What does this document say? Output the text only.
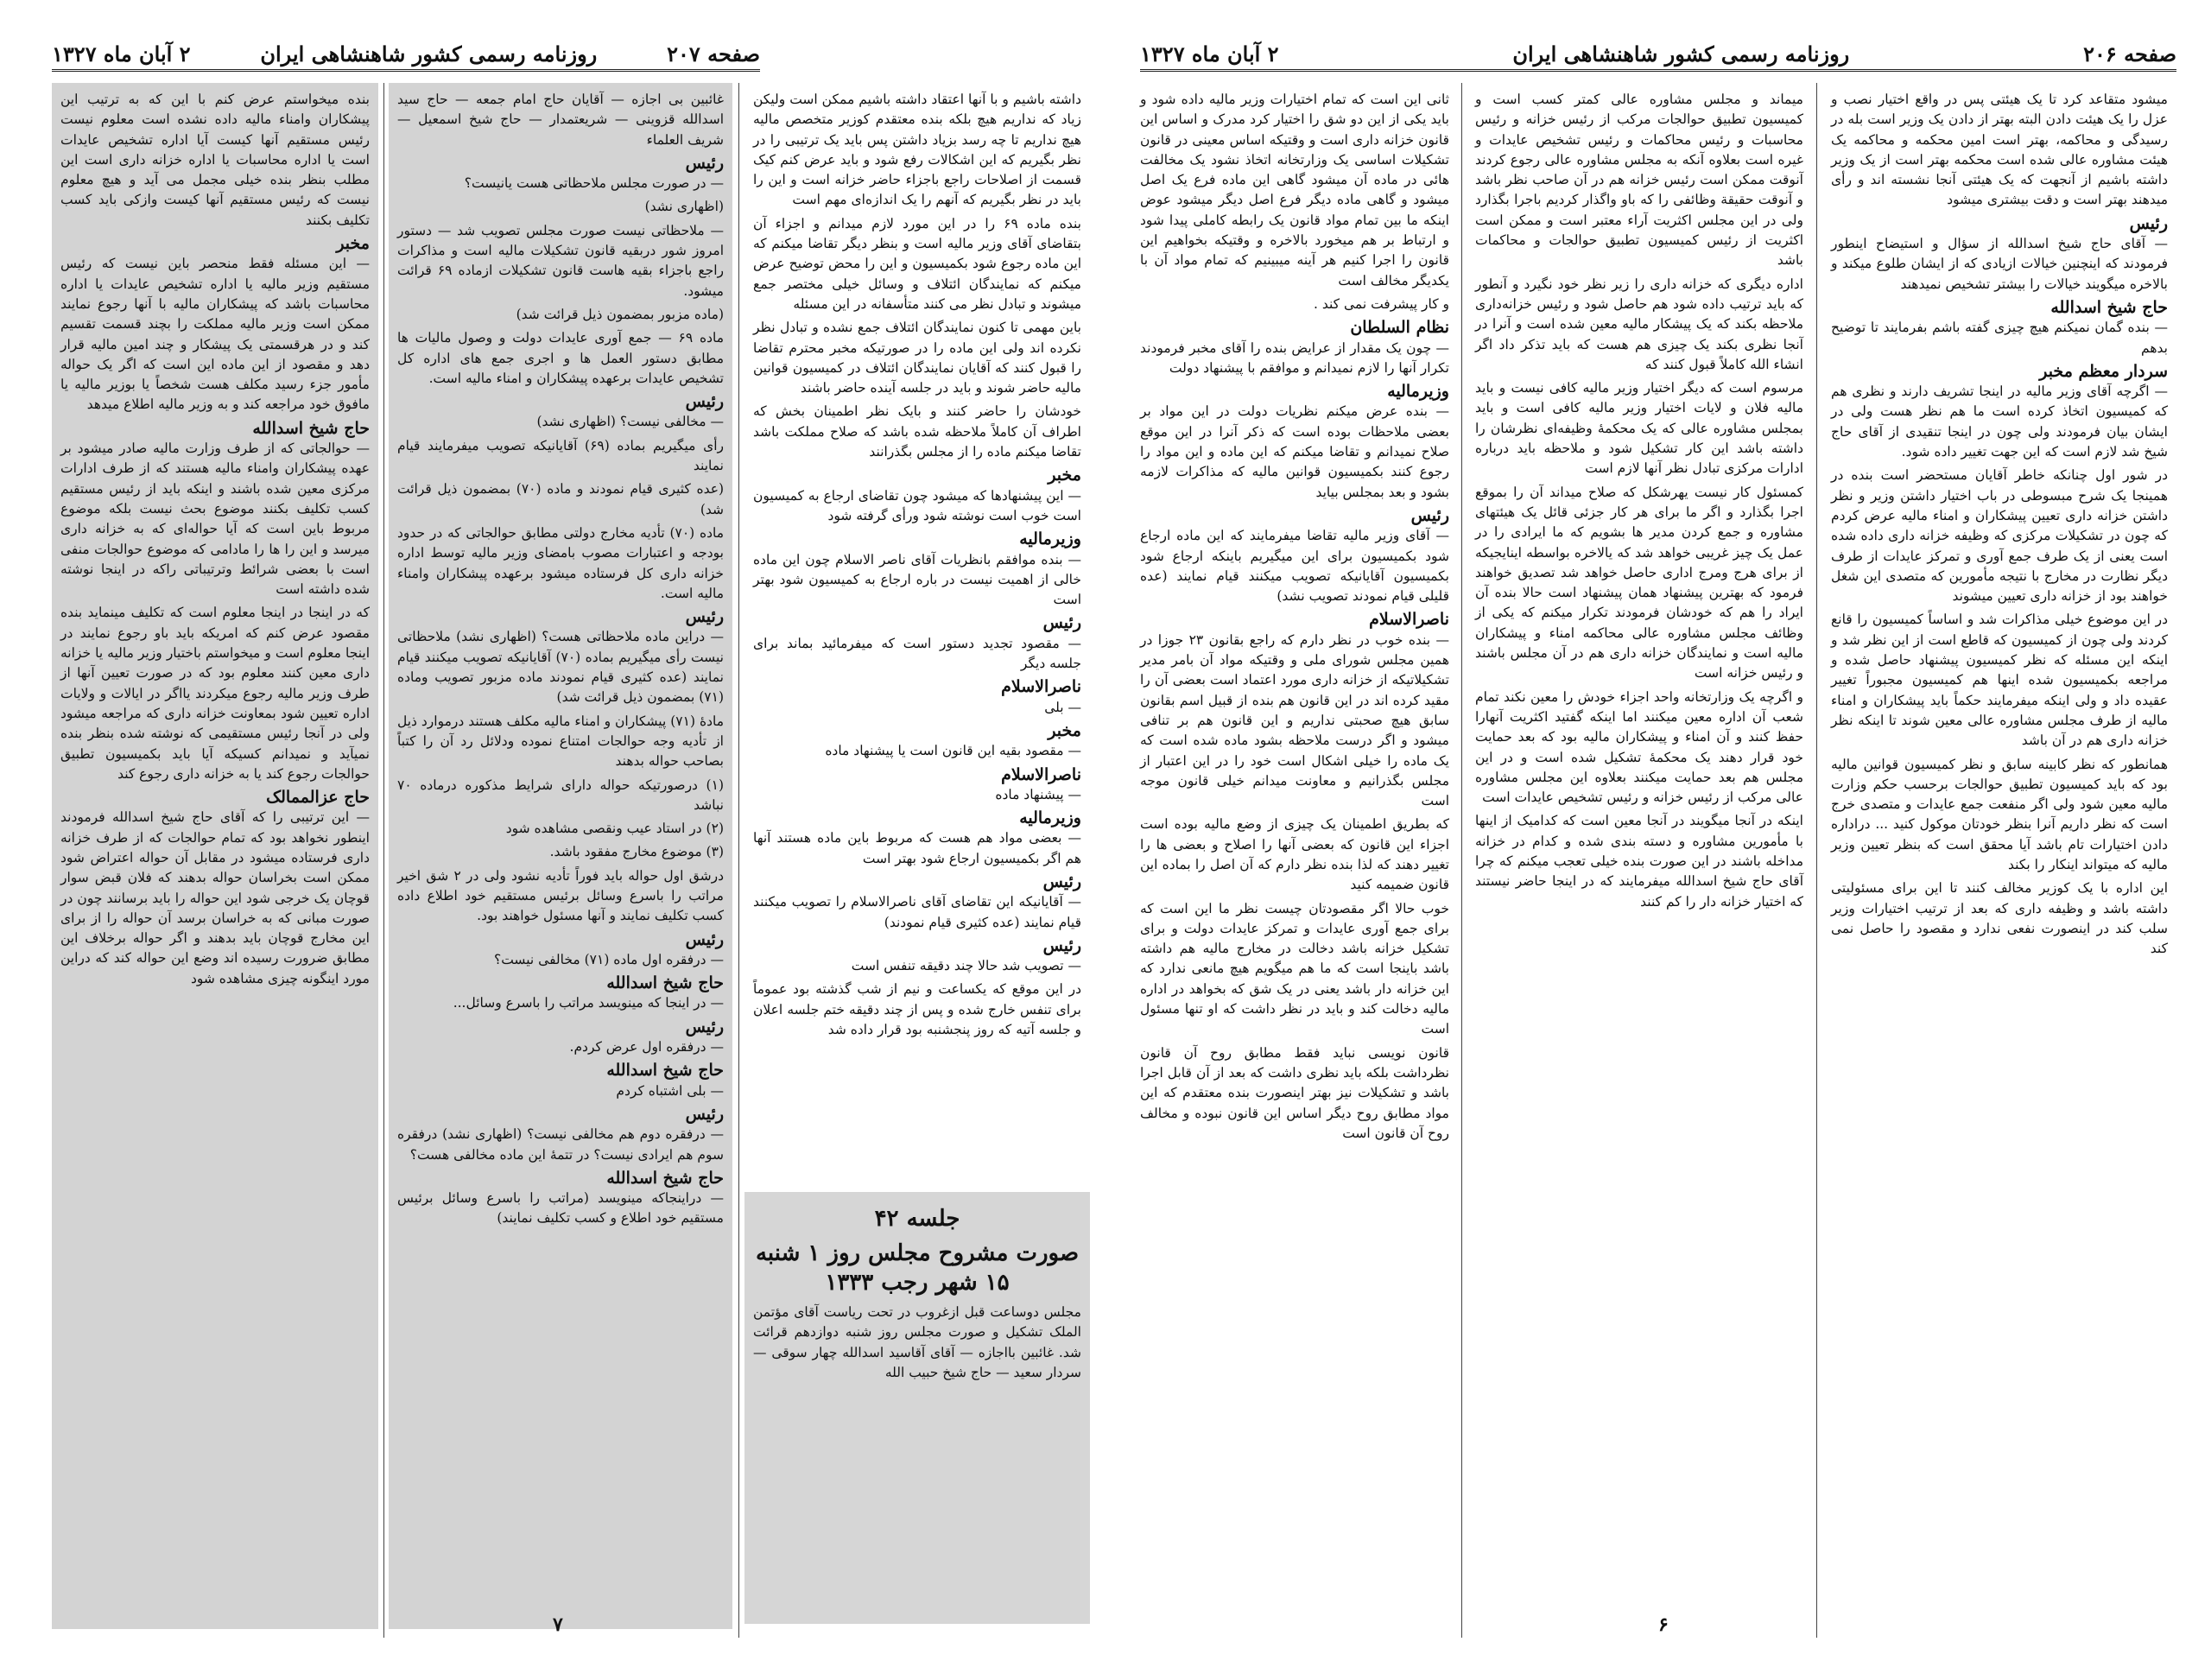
صفحه ۲۰۷
روزنامه رسمی کشور شاهنشاهی ایران
۲ آبان ماه ۱۳۲۷

داشته باشیم و با آنها اعتقاد داشته باشیم ممکن است ولیکن زیاد که نداریم هیچ بلکه بنده معتقدم کوزیر متخصص مالیه هیچ نداریم تا چه رسد بزیاد داشتن پس باید یک ترتیبی را در نظر بگیریم که این اشکالات رفع شود و باید عرض کنم کیک قسمت از اصلاحات راجع باجزاء حاضر خزانه است و این را باید در نظر بگیریم که آنهم را یک اندازه‌ای مهم است

بنده ماده ۶۹ را در این مورد لازم میدانم و اجزاء آن بتقاضای آقای وزیر مالیه است و بنظر دیگر تقاضا میکنم که این ماده رجوع شود بکمیسیون و این را محض توضیح عرض میکنم که نمایندگان ائتلاف و وسائل خیلی مختصر جمع میشوند و تبادل نظر می کنند متأسفانه در این مسئله

باین مهمی تا کنون نمایندگان ائتلاف جمع نشده و تبادل نظر نکرده اند ولی این ماده را در صورتیکه مخبر محترم تقاضا را قبول کنند که آقایان نمایندگان ائتلاف در کمیسیون قوانین مالیه حاضر شوند و باید در جلسه آینده حاضر باشند

خودشان را حاضر کنند و بایک نظر اطمینان بخش که اطراف آن کاملاً ملاحظه شده باشد که صلاح مملکت باشد تقاضا میکنم ماده را از مجلس بگذرانند

مخبر

— این پیشنهادها که میشود چون تقاضای ارجاع به کمیسیون است خوب است نوشته شود ورأی گرفته شود

وزیرمالیه

— بنده موافقم بانظریات آقای ناصر الاسلام چون این ماده خالی از اهمیت نیست در باره ارجاع به کمیسیون شود بهتر است

رئیس

— مقصود تجدید دستور است که میفرمائید بماند برای جلسه دیگر

ناصرالاسلام

— بلی

مخبر

— مقصود بقیه این قانون است یا پیشنهاد ماده

ناصرالاسلام

— پیشنهاد ماده

وزیرمالیه

— بعضی مواد هم هست که مربوط باین ماده هستند آنها هم اگر بکمیسیون ارجاع شود بهتر است

رئیس

— آقایانیکه این تقاضای آقای ناصرالاسلام را تصویب میکنند قیام نمایند (عده کثیری قیام نمودند)

رئیس

— تصویب شد حالا چند دقیقه تنفس است

در این موقع که یکساعت و نیم از شب گذشته بود عموماً برای تنفس خارج شده و پس از چند دقیقه ختم جلسه اعلان و جلسه آتیه که روز پنجشنبه بود قرار داده شد

جلسه ۴۲
صورت مشروح مجلس روز ۱ شنبه ۱۵ شهر رجب ۱۳۳۳

مجلس دوساعت قبل ازغروب در تحت ریاست آقای مؤتمن الملک تشکیل و صورت مجلس روز شنبه دوازدهم قرائت شد. غائبین بااجازه — آقای آقاسید اسدالله چهار سوقی — سردار سعید — حاج شیخ حبیب الله

غائبین بی اجازه — آقایان حاج امام جمعه — حاج سید اسدالله قزوینی — شریعتمدار — حاج شیخ اسمعیل — شریف العلماء

رئیس

— در صورت مجلس ملاحظاتی هست یانیست؟

(اظهاری نشد)

— ملاحظاتی نیست صورت مجلس تصویب شد — دستور امروز شور دربقیه قانون تشکیلات مالیه است و مذاکرات راجع باجزاء بقیه هاست قانون تشکیلات ازماده ۶۹ قرائت میشود.

(ماده مزبور بمضمون ذیل قرائت شد)

ماده ۶۹ — جمع آوری عایدات دولت و وصول مالیات ها مطابق دستور العمل ها و اجری جمع های اداره کل تشخیص عایدات برعهده پیشکاران و امناء مالیه است.

رئیس

— مخالفی نیست؟ (اظهاری نشد)

رأی میگیریم بماده (۶۹) آقایانیکه تصویب میفرمایند قیام نمایند

(عده کثیری قیام نمودند و ماده (۷۰) بمضمون ذیل قرائت شد)

ماده (۷۰) تأدیه مخارج دولتی مطابق حوالجاتی که در حدود بودجه و اعتبارات مصوب بامضای وزیر مالیه توسط اداره خزانه داری کل فرستاده میشود برعهده پیشکاران وامناء مالیه است.

رئیس

— دراین ماده ملاحظاتی هست؟ (اظهاری نشد) ملاحظاتی نیست رأی میگیریم بماده (۷۰) آقایانیکه تصویب میکنند قیام نمایند (عده کثیری قیام نمودند ماده مزبور تصویب وماده (۷۱) بمضمون ذیل قرائت شد)

مادهٔ (۷۱) پیشکاران و امناء مالیه مکلف هستند درموارد ذیل از تأدیه وجه حوالجات امتناع نموده ودلائل رد آن را کتباً بصاحب حواله بدهند

(۱) درصورتیکه حواله دارای شرایط مذکوره درماده ۷۰ نباشد

(۲) در استاد عیب ونقصی مشاهده شود

(۳) موضوع مخارج مفقود باشد.

درشق اول حواله باید فوراً تأدیه نشود ولی در ۲ شق اخیر مراتب را باسرع وسائل برئیس مستقیم خود اطلاع داده کسب تکلیف نمایند و آنها مسئول خواهند بود.

رئیس

— درفقره اول ماده (۷۱) مخالفی نیست؟

حاج شیخ اسدالله

— در اینجا که مینویسد مراتب را باسرع وسائل...

رئیس

— درفقره اول عرض کردم.

حاج شیخ اسدالله

— بلی اشتباه کردم

رئیس

— درفقره دوم هم مخالفی نیست؟ (اظهاری نشد) درفقره سوم هم ایرادی نیست؟ در تتمهٔ این ماده مخالفی هست؟

حاج شیخ اسدالله

— دراینجاکه مینویسد (مراتب را باسرع وسائل برئیس مستقیم خود اطلاع و کسب تکلیف نمایند)

بنده میخواستم عرض کنم با این که به ترتیب این پیشکاران وامناء مالیه داده نشده است معلوم نیست رئیس مستقیم آنها کیست آیا اداره تشخیص عایدات است یا اداره محاسبات یا اداره خزانه داری است این مطلب بنظر بنده خیلی مجمل می آید و هیچ معلوم نیست که رئیس مستقیم آنها کیست وازکی باید کسب تکلیف بکنند

مخبر

— این مسئله فقط منحصر باین نیست که رئیس مستقیم وزیر مالیه یا اداره تشخیص عایدات یا اداره محاسبات باشد که پیشکاران مالیه با آنها رجوع نمایند ممکن است وزیر مالیه مملکت را بچند قسمت تقسیم کند و در هرقسمتی یک پیشکار و چند امین مالیه قرار دهد و مقصود از این ماده این است که اگر یک حواله مأمور جزء رسید مکلف هست شخصاً یا بوزیر مالیه یا مافوق خود مراجعه کند و به وزیر مالیه اطلاع میدهد

حاج شیخ اسدالله

— حوالجاتی که از طرف وزارت مالیه صادر میشود بر عهده پیشکاران وامناء مالیه هستند که از طرف ادارات مرکزی معین شده باشند و اینکه باید از رئیس مستقیم کسب تکلیف بکنند موضوع بحث نیست بلکه موضوع مربوط باین است که آیا حواله‌ای که به خزانه داری میرسد و این را ها را مادامی که موضوع حوالجات منفی است با بعضی شرائط وترتیباتی راکه در اینجا نوشته شده داشته است

که در اینجا در اینجا معلوم است که تکلیف مینماید بنده مقصود عرض کنم که امریکه باید باو رجوع نمایند در اینجا معلوم است و میخواستم باختیار وزیر مالیه یا خزانه داری معین کنند معلوم بود که در صورت تعیین آنها از طرف وزیر مالیه رجوع میکردند یااگر در ایالات و ولایات اداره تعیین شود بمعاونت خزانه داری که مراجعه میشود ولی در آنجا رئیس مستقیمی که نوشته شده بنظر بنده نمیآید و نمیدانم کسیکه آیا باید بکمیسیون تطبیق حوالجات رجوع کند یا به خزانه داری رجوع کند

حاج عزالممالک

— این ترتیبی را که آقای حاج شیخ اسدالله فرمودند اینطور نخواهد بود که تمام حوالجات که از طرف خزانه داری فرستاده میشود در مقابل آن حواله اعتراض شود ممکن است بخراسان حواله بدهند که فلان قبض سوار قوچان یک خرجی شود این حواله را باید برسانند چون در صورت مبانی که به خراسان برسد آن حواله را از برای این مخارج قوچان باید بدهند و اگر حواله برخلاف این مطابق ضرورت رسیده اند وضع این حواله کند که دراین مورد اینگونه چیزی مشاهده شود

۷
صفحه ۲۰۶
روزنامه رسمی کشور شاهنشاهی ایران
۲ آبان ماه ۱۳۲۷

میشود متقاعد کرد تا یک هیئتی پس در واقع اختیار نصب و عزل را یک هیئت دادن البته بهتر از دادن یک وزیر است بله در رسیدگی و محاکمه، بهتر است امین محکمه و محاکمه یک هیئت مشاوره عالی شده است محکمه بهتر است از یک وزیر داشته باشیم از آنجهت که یک هیئتی آنجا نشسته اند و رأی میدهند بهتر است و دقت بیشتری میشود

رئیس

— آقای حاج شیخ اسدالله از سؤال و استیضاح اینطور فرمودند که اینچنین خیالات ازیادی که از ایشان طلوع میکند و بالاخره میگویند خیالات را بیشتر تشخیص نمیدهند

حاج شیخ اسدالله

— بنده گمان نمیکنم هیچ چیزی گفته باشم بفرمایند تا توضیح بدهم

سردار معظم مخبر

— اگرچه آقای وزیر مالیه در اینجا تشریف دارند و نظری هم که کمیسیون اتخاذ کرده است ما هم نظر هست ولی در ایشان بیان فرمودند ولی چون در اینجا تنقیدی از آقای حاج شیخ شد لازم است که این جهت تغییر داده شود.

در شور اول چنانکه خاطر آقایان مستحضر است بنده در همینجا یک شرح مبسوطی در باب اختیار داشتن وزیر و نظر داشتن خزانه داری تعیین پیشکاران و امناء مالیه عرض کردم که چون در تشکیلات مرکزی که وظیفه خزانه داری داده شده است یعنی از یک طرف جمع آوری و تمرکز عایدات از طرف دیگر نظارت در مخارج با نتیجه مأمورین که متصدی این شغل خواهند بود از خزانه داری تعیین میشوند

در این موضوع خیلی مذاکرات شد و اساساً کمیسیون را قانع کردند ولی چون از کمیسیون که قاطع است از این نظر شد و اینکه این مسئله که نظر کمیسیون پیشنهاد حاصل شده و مراجعه بکمیسیون شده اینها هم کمیسیون مجبوراً تغییر عقیده داد و ولی اینکه میفرمایند حکماً باید پیشکاران و امناء مالیه از طرف مجلس مشاوره عالی معین شوند تا اینکه نظر خزانه داری هم در آن باشد

همانطور که نظر کابینه سابق و نظر کمیسیون قوانین مالیه بود که باید کمیسیون تطبیق حوالجات برحسب حکم وزارت مالیه معین شود ولی اگر منفعت جمع عایدات و متصدی خرج است که نظر داریم آنرا بنظر خودتان موکول کنید ... دراداره دادن اختیارات تام باشد آیا محقق است که بنظر تعیین وزیر مالیه که میتواند اینکار را بکند

این اداره با یک کوزیر مخالف کنند تا این برای مسئولیتی داشته باشد و وظیفه داری که بعد از ترتیب اختیارات وزیر سلب کند در اینصورت نفعی ندارد و مقصود را حاصل نمی کند

میماند و مجلس مشاوره عالی کمتر کسب است و کمیسیون تطبیق حوالجات مرکب از رئیس خزانه و رئیس محاسبات و رئیس محاکمات و رئیس تشخیص عایدات و غیره است بعلاوه آنکه به مجلس مشاوره عالی رجوع کردند آنوقت ممکن است رئیس خزانه هم در آن صاحب نظر باشد و آنوقت حقیقة وظائفی را که باو واگذار کردیم باجرا بگذارد ولی در این مجلس اکثریت آراء معتبر است و ممکن است اکثریت از رئیس کمیسیون تطبیق حوالجات و محاکمات باشد

اداره دیگری که خزانه داری را زیر نظر خود نگیرد و آنطور که باید ترتیب داده شود هم حاصل شود و رئیس خزانه‌داری ملاحظه بکند که یک پیشکار مالیه معین شده است و آنرا در آنجا نظری بکند یک چیزی هم هست که باید تذکر داد اگر انشاء الله کاملاً قبول کنند که

مرسوم است که دیگر اختیار وزیر مالیه کافی نیست و باید مالیه فلان و لایات اختیار وزیر مالیه کافی است و باید بمجلس مشاوره عالی که یک محکمهٔ وظیفه‌ای نظرشان را داشته باشد این کار تشکیل شود و ملاحظه باید درباره ادارات مرکزی تبادل نظر آنها لازم است

کمسئول کار نیست یهرشکل که صلاح میداند آن را بموقع اجرا بگذارد و اگر ما برای هر کار جزئی قائل یک هیئتهای مشاوره و جمع کردن مدیر ها بشویم که ما ایرادی را در عمل یک چیز غریبی خواهد شد که یالاخره بواسطه اینایجیکه از برای هرج ومرج اداری حاصل خواهد شد تصدیق خواهند فرمود که بهترین پیشنهاد همان پیشنهاد است حالا بنده آن ایراد را هم که خودشان فرمودند تکرار میکنم که یکی از وظائف مجلس مشاوره عالی محاکمه امناء و پیشکاران مالیه است و نمایندگان خزانه داری هم در آن مجلس باشند و رئیس خزانه است

و اگرچه یک وزارتخانه واحد اجزاء خودش را معین نکند تمام شعب آن اداره معین میکنند اما اینکه گفتید اکثریت آنهارا حفظ کنند و آن امناء و پیشکاران مالیه بود که بعد حمایت خود قرار دهند یک محکمهٔ تشکیل شده است و در این مجلس هم بعد حمایت میکنند بعلاوه این مجلس مشاوره عالی مرکب از رئیس خزانه و رئیس تشخیص عایدات است

اینکه در آنجا میگویند در آنجا معین است که کدامیک از اینها با مأمورین مشاوره و دسته بندی شده و کدام در خزانه مداخله باشند در این صورت بنده خیلی تعجب میکنم که چرا آقای حاج شیخ اسدالله میفرمایند که در اینجا حاضر نیستند که اختیار خزانه دار را کم کنند

ثانی این است که تمام اختیارات وزیر مالیه داده شود و باید یکی از این دو شق را اختیار کرد مدرک و اساس این قانون خزانه داری است و وقتیکه اساس معینی در قانون تشکیلات اساسی یک وزارتخانه اتخاذ نشود یک مخالفت هائی در ماده آن میشود گاهی این ماده فرع یک اصل میشود و گاهی ماده دیگر فرع اصل دیگر میشود عوض اینکه ما بین تمام مواد قانون یک رابطه کاملی پیدا شود و ارتباط بر هم میخورد بالاخره و وقتیکه بخواهیم این قانون را اجرا کنیم هر آینه میبینیم که تمام مواد آن با یکدیگر مخالف است

و کار پیشرفت نمی کند .

نظام السلطان

— چون یک مقدار از عرایض بنده را آقای مخبر فرمودند تکرار آنها را لازم نمیدانم و موافقم با پیشنهاد دولت

وزیرمالیه

— بنده عرض میکنم نظریات دولت در این مواد بر بعضی ملاحظات بوده است که ذکر آنرا در این موقع صلاح نمیدانم و تقاضا میکنم که این ماده و این مواد را رجوع کنند بکمیسیون قوانین مالیه که مذاکرات لازمه بشود و بعد بمجلس بیاید

رئیس

— آقای وزیر مالیه تقاضا میفرمایند که این ماده ارجاع شود بکمیسیون برای این میگیریم باینکه ارجاع شود بکمیسیون آقایانیکه تصویب میکنند قیام نمایند (عده قلیلی قیام نمودند تصویب نشد)

ناصرالاسلام

— بنده خوب در نظر دارم که راجع بقانون ۲۳ جوزا در همین مجلس شورای ملی و وقتیکه مواد آن بامر مدیر تشکیلاتیکه از خزانه داری مورد اعتماد است بعضی آن را مقید کرده اند در این قانون هم بنده از قبیل اسم بقانون سابق هیچ صحبتی نداریم و این قانون هم بر تنافی میشود و اگر درست ملاحظه بشود ماده شده است که یک ماده را خیلی اشکال است خود را در این اعتبار از مجلس بگذرانیم و معاونت میدانم خیلی قانون موجه است

که بطریق اطمینان یک چیزی از وضع مالیه بوده است اجزاء این قانون که بعضی آنها را اصلاح و بعضی ها را تغییر دهند که لذا بنده نظر دارم که آن اصل را بماده این قانون ضمیمه کنید

خوب حالا اگر مقصودتان چیست نظر ما این است که برای جمع آوری عایدات و تمرکز عایدات دولت و برای تشکیل خزانه باشد دخالت در مخارج مالیه هم داشته باشد باینجا است که ما هم میگویم هیچ مانعی ندارد که این خزانه دار باشد یعنی در یک شق که بخواهد در اداره مالیه دخالت کند و باید در نظر داشت که او تنها مسئول است

قانون نویسی نباید فقط مطابق روح آن قانون نظرداشت بلکه باید نظری داشت که بعد از آن قابل اجرا باشد و تشکیلات نیز بهتر اینصورت بنده معتقدم که این مواد مطابق روح دیگر اساس این قانون نبوده و مخالف روح آن قانون است

۶
